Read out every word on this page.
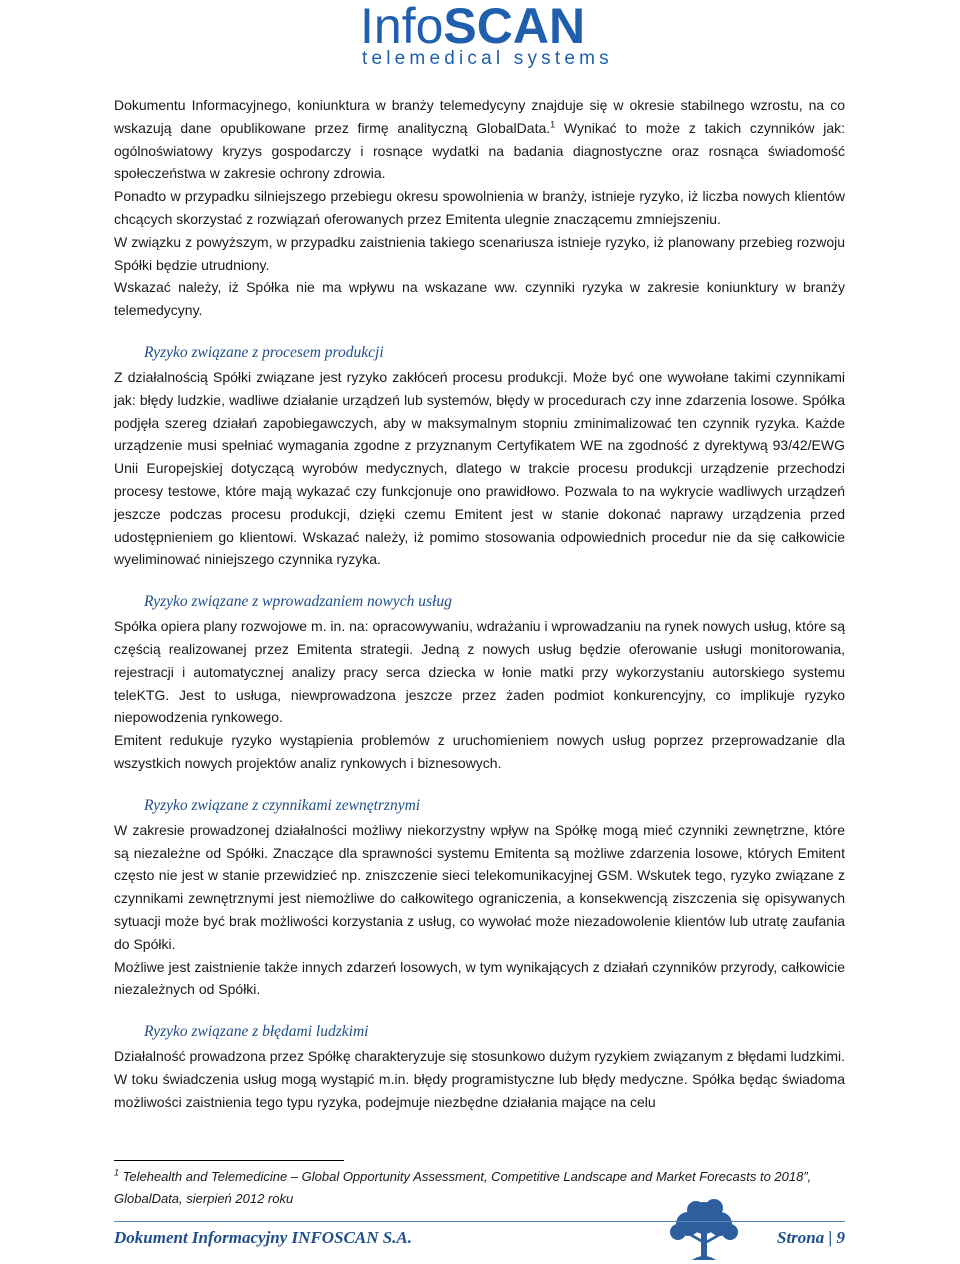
InfoSCAN
telemedical systems

Dokumentu Informacyjnego, koniunktura w branży telemedycyny znajduje się w okresie stabilnego wzrostu, na co wskazują dane opublikowane przez firmę analityczną GlobalData.$^1$ Wynikać to może z takich czynników jak: ogólnoświatowy kryzys gospodarczy i rosnące wydatki na badania diagnostyczne oraz rosnąca świadomość społeczeństwa w zakresie ochrony zdrowia.

Ponadto w przypadku silniejszego przebiegu okresu spowolnienia w branży, istnieje ryzyko, iż liczba nowych klientów chcących skorzystać z rozwiązań oferowanych przez Emitenta ulegnie znaczącemu zmniejszeniu.

W związku z powyższym, w przypadku zaistnienia takiego scenariusza istnieje ryzyko, iż planowany przebieg rozwoju Spółki będzie utrudniony.

Wskazać należy, iż Spółka nie ma wpływu na wskazane ww. czynniki ryzyka w zakresie koniunktury w branży telemedycyny.

Ryzyko związane z procesem produkcji

Z działalnością Spółki związane jest ryzyko zakłóceń procesu produkcji. Może być one wywołane takimi czynnikami jak: błędy ludzkie, wadliwe działanie urządzeń lub systemów, błędy w procedurach czy inne zdarzenia losowe. Spółka podjęła szereg działań zapobiegawczych, aby w maksymalnym stopniu zminimalizować ten czynnik ryzyka. Każde urządzenie musi spełniać wymagania zgodne z przyznanym Certyfikatem WE na zgodność z dyrektywą 93/42/EWG Unii Europejskiej dotyczącą wyrobów medycznych, dlatego w trakcie procesu produkcji urządzenie przechodzi procesy testowe, które mają wykazać czy funkcjonuje ono prawidłowo. Pozwala to na wykrycie wadliwych urządzeń jeszcze podczas procesu produkcji, dzięki czemu Emitent jest w stanie dokonać naprawy urządzenia przed udostępnieniem go klientowi. Wskazać należy, iż pomimo stosowania odpowiednich procedur nie da się całkowicie wyeliminować niniejszego czynnika ryzyka.

Ryzyko związane z wprowadzaniem nowych usług

Spółka opiera plany rozwojowe m. in. na: opracowywaniu, wdrażaniu i wprowadzaniu na rynek nowych usług, które są częścią realizowanej przez Emitenta strategii. Jedną z nowych usług będzie oferowanie usługi monitorowania, rejestracji i automatycznej analizy pracy serca dziecka w łonie matki przy wykorzystaniu autorskiego systemu teleKTG. Jest to usługa, niewprowadzona jeszcze przez żaden podmiot konkurencyjny, co implikuje ryzyko niepowodzenia rynkowego.

Emitent redukuje ryzyko wystąpienia problemów z uruchomieniem nowych usług poprzez przeprowadzanie dla wszystkich nowych projektów analiz rynkowych i biznesowych.

Ryzyko związane z czynnikami zewnętrznymi

W zakresie prowadzonej działalności możliwy niekorzystny wpływ na Spółkę mogą mieć czynniki zewnętrzne, które są niezależne od Spółki. Znaczące dla sprawności systemu Emitenta są możliwe zdarzenia losowe, których Emitent często nie jest w stanie przewidzieć np. zniszczenie sieci telekomunikacyjnej GSM. Wskutek tego, ryzyko związane z czynnikami zewnętrznymi jest niemożliwe do całkowitego ograniczenia, a konsekwencją ziszczenia się opisywanych sytuacji może być brak możliwości korzystania z usług, co wywołać może niezadowolenie klientów lub utratę zaufania do Spółki.

Możliwe jest zaistnienie także innych zdarzeń losowych, w tym wynikających z działań czynników przyrody, całkowicie niezależnych od Spółki.

Ryzyko związane z błędami ludzkimi

Działalność prowadzona przez Spółkę charakteryzuje się stosunkowo dużym ryzykiem związanym z błędami ludzkimi. W toku świadczenia usług mogą wystąpić m.in. błędy programistyczne lub błędy medyczne. Spółka będąc świadoma możliwości zaistnienia tego typu ryzyka, podejmuje niezbędne działania mające na celu

$^1$ Telehealth and Telemedicine – Global Opportunity Assessment, Competitive Landscape and Market Forecasts to 2018”, GlobalData, sierpień 2012 roku
Dokument Informacyjny INFOSCAN S.A.	Strona | 9
